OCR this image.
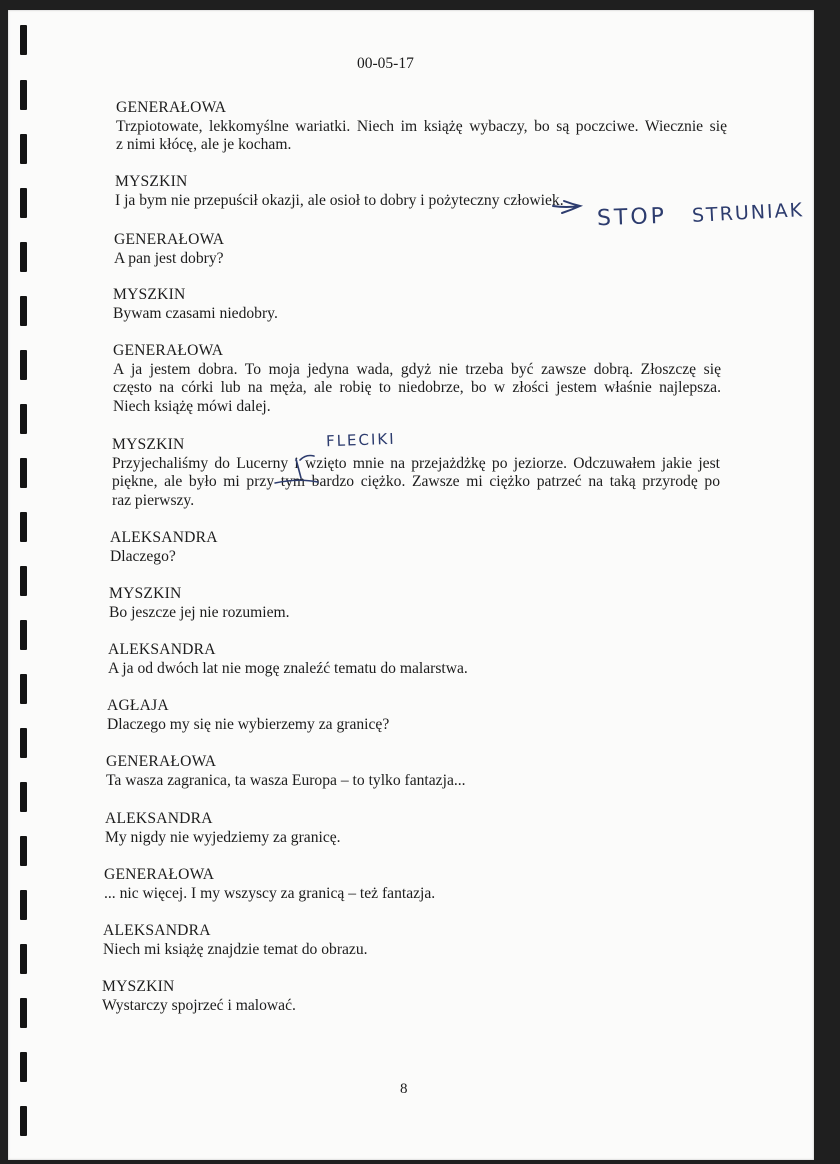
00-05-17
GENERAŁOWA
Trzpiotowate, lekkomyślne wariatki. Niech im książę wybaczy, bo są poczciwe. Wiecznie się
z nimi kłócę, ale je kocham.
MYSZKIN
I ja bym nie przepuścił okazji, ale osioł to dobry i pożyteczny człowiek.
GENERAŁOWA
A pan jest dobry?
MYSZKIN
Bywam czasami niedobry.
GENERAŁOWA
A ja jestem dobra. To moja jedyna wada, gdyż nie trzeba być zawsze dobrą. Złoszczę się
często na córki lub na męża, ale robię to niedobrze, bo w złości jestem właśnie najlepsza.
Niech książę mówi dalej.
MYSZKIN
Przyjechaliśmy do Lucerny i wzięto mnie na przejażdżkę po jeziorze. Odczuwałem jakie jest
piękne, ale było mi przy tym bardzo ciężko. Zawsze mi ciężko patrzeć na taką przyrodę po
raz pierwszy.
ALEKSANDRA
Dlaczego?
MYSZKIN
Bo jeszcze jej nie rozumiem.
ALEKSANDRA
A ja od dwóch lat nie mogę znaleźć tematu do malarstwa.
AGŁAJA
Dlaczego my się nie wybierzemy za granicę?
GENERAŁOWA
Ta wasza zagranica, ta wasza Europa – to tylko fantazja...
ALEKSANDRA
My nigdy nie wyjedziemy za granicę.
GENERAŁOWA
... nic więcej. I my wszyscy za granicą – też fantazja.
ALEKSANDRA
Niech mi książę znajdzie temat do obrazu.
MYSZKIN
Wystarczy spojrzeć i malować.
STOP STRUNIAK
FLECIKI
8
